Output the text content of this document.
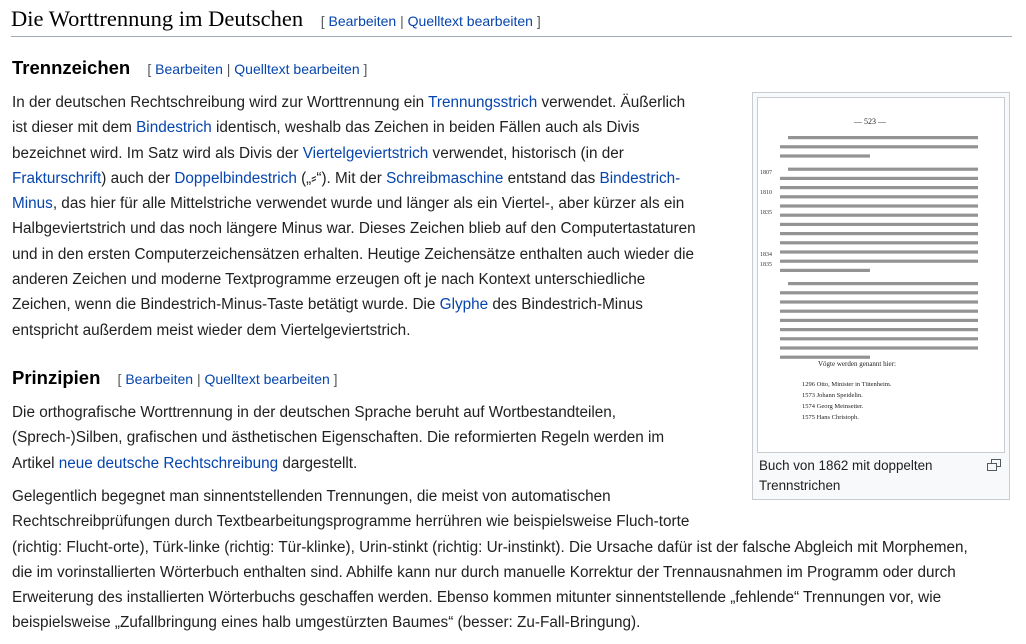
Die Worttrennung im Deutschen [ Bearbeiten | Quelltext bearbeiten ]
Trennzeichen [ Bearbeiten | Quelltext bearbeiten ]

In der deutschen Rechtschreibung wird zur Worttrennung ein Trennungsstrich verwendet. Äußerlich
ist dieser mit dem Bindestrich identisch, weshalb das Zeichen in beiden Fällen auch als Divis
bezeichnet wird. Im Satz wird als Divis der Viertelgeviertstrich verwendet, historisch (in der
Frakturschrift) auch der Doppelbindestrich („⸗“). Mit der Schreibmaschine entstand das Bindestrich-
Minus, das hier für alle Mittelstriche verwendet wurde und länger als ein Viertel-, aber kürzer als ein
Halbgeviertstrich und das noch längere Minus war. Dieses Zeichen blieb auf den Computertastaturen
und in den ersten Computerzeichensätzen erhalten. Heutige Zeichensätze enthalten auch wieder die
anderen Zeichen und moderne Textprogramme erzeugen oft je nach Kontext unterschiedliche
Zeichen, wenn die Bindestrich-Minus-Taste betätigt wurde. Die Glyphe des Bindestrich-Minus
entspricht außerdem meist wieder dem Viertelgeviertstrich.

Prinzipien [ Bearbeiten | Quelltext bearbeiten ]

Die orthografische Worttrennung in der deutschen Sprache beruht auf Wortbestandteilen,
(Sprech-)Silben, grafischen und ästhetischen Eigenschaften. Die reformierten Regeln werden im
Artikel neue deutsche Rechtschreibung dargestellt.

Gelegentlich begegnet man sinnentstellenden Trennungen, die meist von automatischen
Rechtschreibprüfungen durch Textbearbeitungsprogramme herrühren wie beispielsweise Fluch-torte
(richtig: Flucht-orte), Türk-linke (richtig: Tür-klinke), Urin-stinkt (richtig: Ur-instinkt). Die Ursache dafür ist der falsche Abgleich mit Morphemen,
die im vorinstallierten Wörterbuch enthalten sind. Abhilfe kann nur durch manuelle Korrektur der Trennausnahmen im Programm oder durch
Erweiterung des installierten Wörterbuchs geschaffen werden. Ebenso kommen mitunter sinnentstellende „fehlende“ Trennungen vor, wie
beispielsweise „Zufallbringung eines halb umgestürzten Baumes“ (besser: Zu-Fall-Bringung).

— 523 —
1807
1810
1835
1834
1835
Vögte werden genannt hier:
1296 Otto, Minister in Tütenheim.
1573 Johann Speidelin.
1574 Georg Meinsetter.
1575 Hans Christoph.
Buch von 1862 mit doppelten Trennstrichen
